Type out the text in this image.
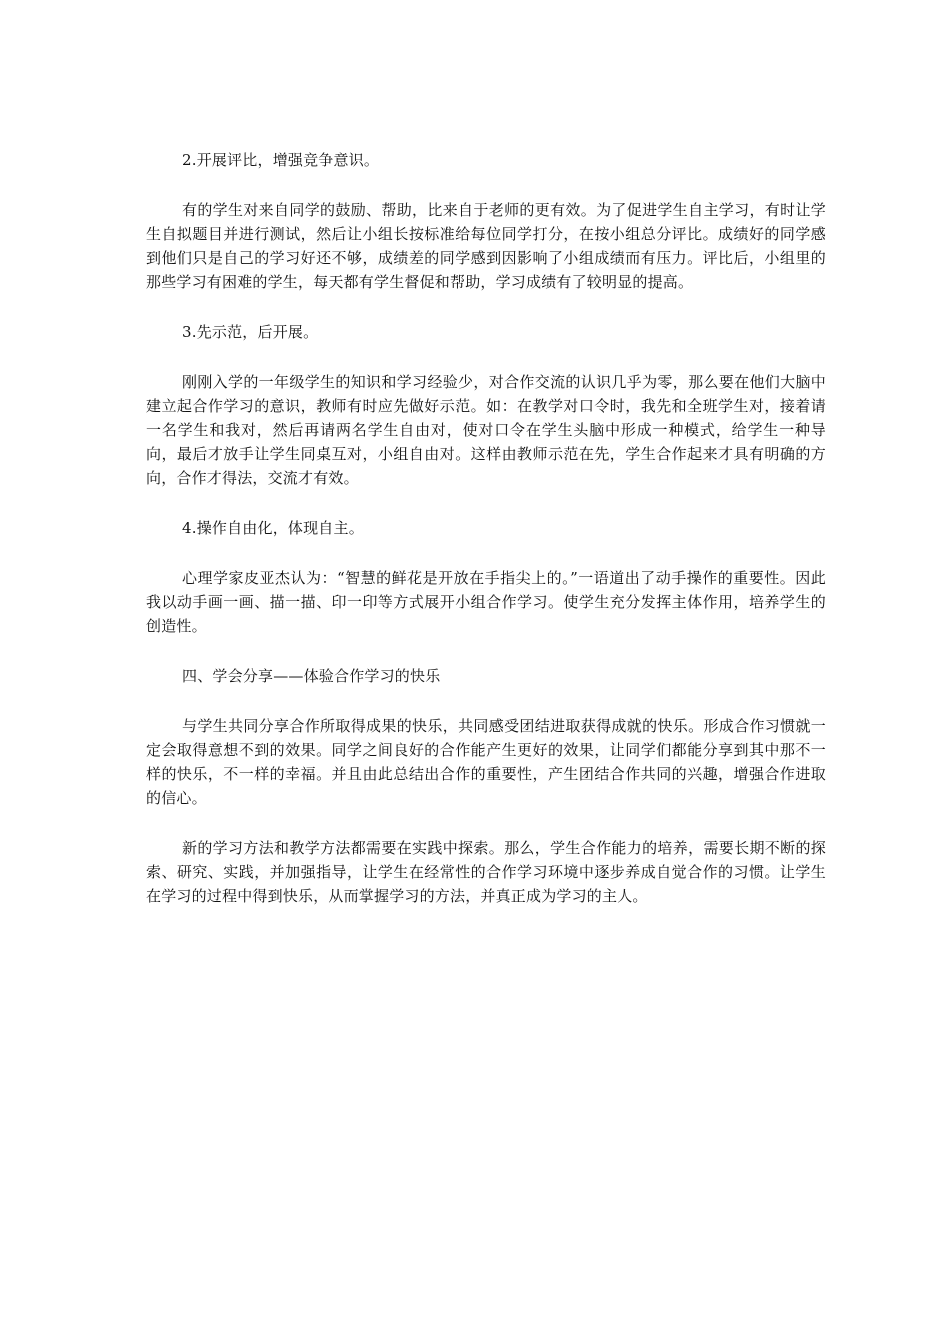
2.开展评比，增强竞争意识。

有的学生对来自同学的鼓励、帮助，比来自于老师的更有效。为了促进学生自主学习，有时让学生自拟题目并进行测试，然后让小组长按标准给每位同学打分，在按小组总分评比。成绩好的同学感到他们只是自己的学习好还不够，成绩差的同学感到因影响了小组成绩而有压力。评比后，小组里的那些学习有困难的学生，每天都有学生督促和帮助，学习成绩有了较明显的提高。

3.先示范，后开展。

刚刚入学的一年级学生的知识和学习经验少，对合作交流的认识几乎为零，那么要在他们大脑中建立起合作学习的意识，教师有时应先做好示范。如：在教学对口令时，我先和全班学生对，接着请一名学生和我对，然后再请两名学生自由对，使对口令在学生头脑中形成一种模式，给学生一种导向，最后才放手让学生同桌互对，小组自由对。这样由教师示范在先，学生合作起来才具有明确的方向，合作才得法，交流才有效。

4.操作自由化，体现自主。

心理学家皮亚杰认为：“智慧的鲜花是开放在手指尖上的。”一语道出了动手操作的重要性。因此我以动手画一画、描一描、印一印等方式展开小组合作学习。使学生充分发挥主体作用，培养学生的创造性。

四、学会分享——体验合作学习的快乐

与学生共同分享合作所取得成果的快乐，共同感受团结进取获得成就的快乐。形成合作习惯就一定会取得意想不到的效果。同学之间良好的合作能产生更好的效果，让同学们都能分享到其中那不一样的快乐，不一样的幸福。并且由此总结出合作的重要性，产生团结合作共同的兴趣，增强合作进取的信心。

新的学习方法和教学方法都需要在实践中探索。那么，学生合作能力的培养，需要长期不断的探索、研究、实践，并加强指导，让学生在经常性的合作学习环境中逐步养成自觉合作的习惯。让学生在学习的过程中得到快乐，从而掌握学习的方法，并真正成为学习的主人。
